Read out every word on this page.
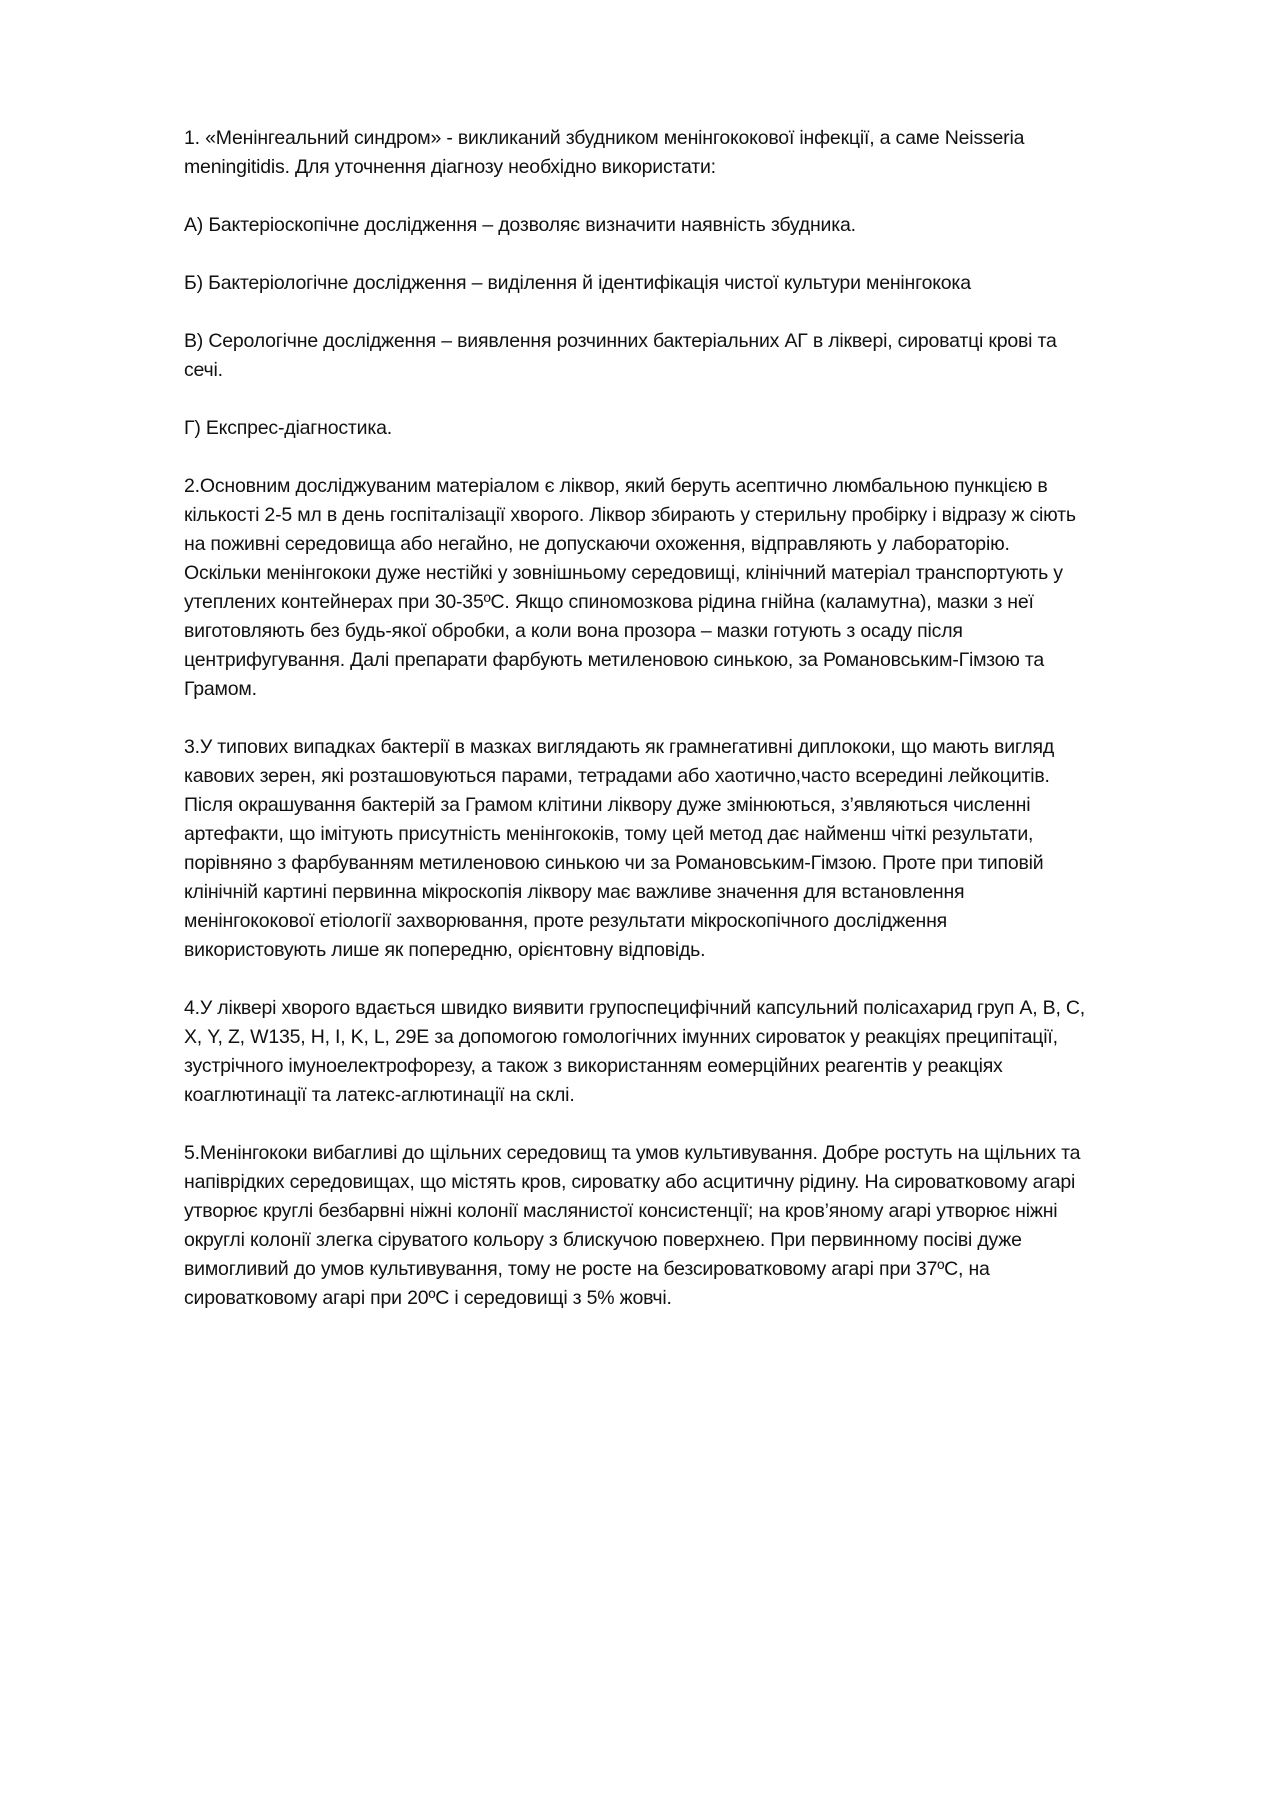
1. «Менінгеальний синдром» - викликаний збудником менінгококової інфекції, а саме Neisseria
meningitidis. Для уточнення діагнозу необхідно використати:

А) Бактеріоскопічне дослідження – дозволяє визначити наявність збудника.

Б) Бактеріологічне дослідження – виділення й ідентифікація чистої культури менінгокока

В) Серологічне дослідження – виявлення розчинних бактеріальних АГ в ліквері, сироватці крові та
сечі.

Г) Експрес-діагностика.

2.Основним досліджуваним матеріалом є ліквор, який беруть асептично люмбальною пункцією в
кількості 2-5 мл в день госпіталізації хворого. Ліквор збирають у стерильну пробірку і відразу ж сіють
на поживні середовища або негайно, не допускаючи охоження, відправляють у лабораторію.
Оскільки менінгококи дуже нестійкі у зовнішньому середовищі, клінічний матеріал транспортують у
утеплених контейнерах при 30-35ºС. Якщо спиномозкова рідина гнійна (каламутна), мазки з неї
виготовляють без будь-якої обробки, а коли вона прозора – мазки готують з осаду після
центрифугування. Далі препарати фарбують метиленовою синькою, за Романовським-Гімзою та
Грамом.

3.У типових випадках бактерії в мазках виглядають як грамнегативні диплококи, що мають вигляд
кавових зерен, які розташовуються парами, тетрадами або хаотично,часто всередині лейкоцитів.
Після окрашування бактерій за Грамом клітини ліквору дуже змінюються, з’являються численні
артефакти, що імітують присутність менінгококів, тому цей метод дає найменш чіткі результати,
порівняно з фарбуванням метиленовою синькою чи за Романовським-Гімзою. Проте при типовій
клінічній картині первинна мікроскопія ліквору має важливе значення для встановлення
менінгококової етіології захворювання, проте результати мікроскопічного дослідження
використовують лише як попередню, орієнтовну відповідь.

4.У ліквері хворого вдається швидко виявити групоспецифічний капсульний полісахарид груп А, В, С,
Х, Y, Z, W135, H, I, K, L, 29E за допомогою гомологічних імунних сироваток у реакціях преципітації,
зустрічного імуноелектрофорезу, а також з використанням еомерційних реагентів у реакціях
коаглютинації та латекс-аглютинації на склі.

5.Менінгококи вибагливі до щільних середовищ та умов культивування. Добре ростуть на щільних та
напіврідких середовищах, що містять кров, сироватку або асцитичну рідину. На сироватковому агарі
утворює круглі безбарвні ніжні колонії маслянистої консистенції; на кров’яному агарі утворює ніжні
округлі колонії злегка сіруватого кольору з блискучою поверхнею. При первинному посіві дуже
вимогливий до умов культивування, тому не росте на безсироватковому агарі при 37ºС, на
сироватковому агарі при 20ºС і середовищі з 5% жовчі.
